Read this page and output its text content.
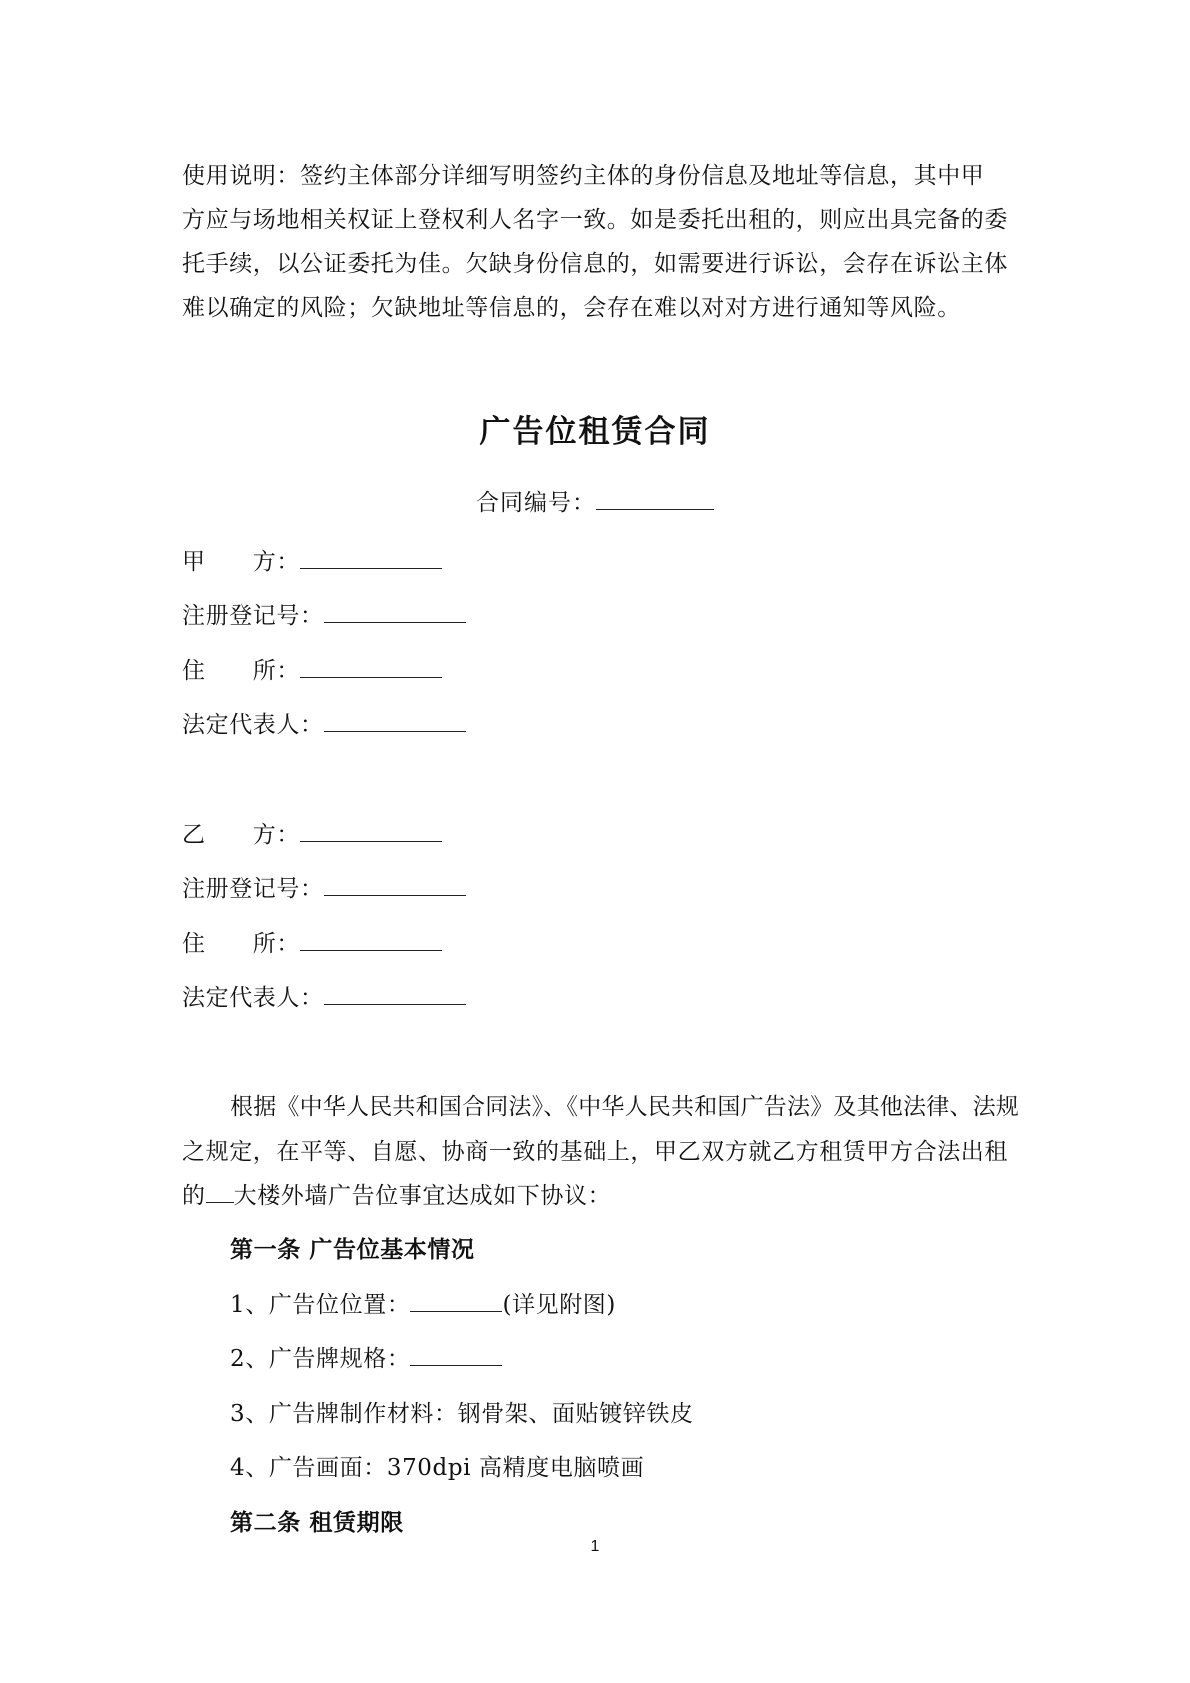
使用说明：签约主体部分详细写明签约主体的身份信息及地址等信息，其中甲

方应与场地相关权证上登权利人名字一致。如是委托出租的，则应出具完备的委

托手续，以公证委托为佳。欠缺身份信息的，如需要进行诉讼，会存在诉讼主体

难以确定的风险；欠缺地址等信息的，会存在难以对对方进行通知等风险。

广告位租赁合同
合同编号：
甲　　方：
注册登记号：
住　　所：
法定代表人：
乙　　方：
注册登记号：
住　　所：
法定代表人：

根据《中华人民共和国合同法》、《中华人民共和国广告法》及其他法律、法规

之规定，在平等、自愿、协商一致的基础上，甲乙双方就乙方租赁甲方合法出租

的 大楼外墙广告位事宜达成如下协议：
第一条 广告位基本情况
1、广告位位置：	(详见附图)
2、广告牌规格：
3、广告牌制作材料：钢骨架、面贴镀锌铁皮
4、广告画面：370dpi 高精度电脑喷画
第二条 租赁期限
1
